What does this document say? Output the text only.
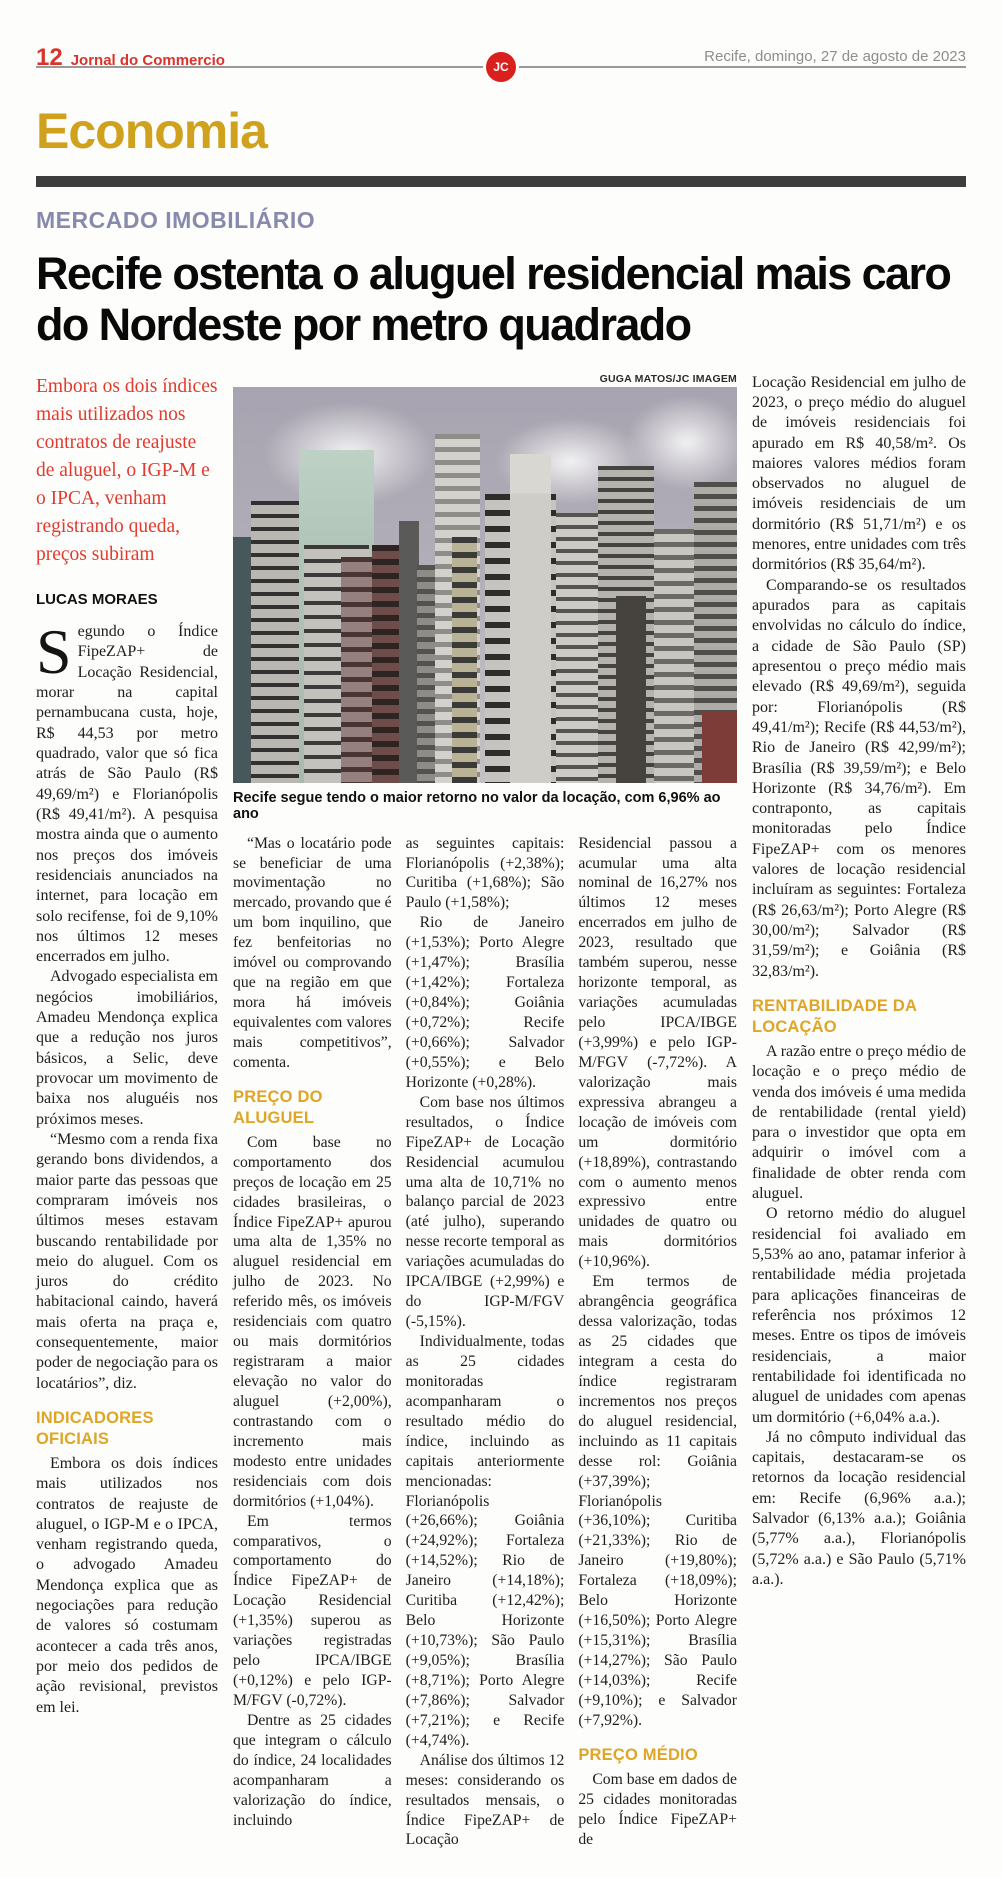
12 Jornal do Commercio	JC
Recife, domingo, 27 de agosto de 2023
Economia
MERCADO IMOBILIÁRIO
Recife ostenta o aluguel residencial mais caro do Nordeste por metro quadrado

Embora os dois índices mais utilizados nos contratos de reajuste de aluguel, o IGP-M e o IPCA, venham registrando queda, preços subiram

LUCAS MORAES

Segundo o Índice FipeZAP+ de Locação Residencial, morar na capital pernambucana custa, hoje, R$ 44,53 por metro quadrado, valor que só fica atrás de São Paulo (R$ 49,69/m²) e Florianópolis (R$ 49,41/m²). A pesquisa mostra ainda que o aumento nos preços dos imóveis residenciais anunciados na internet, para locação em solo recifense, foi de 9,10% nos últimos 12 meses encerrados em julho.

Advogado especialista em negócios imobiliários, Amadeu Mendonça explica que a redução nos juros básicos, a Selic, deve provocar um movimento de baixa nos aluguéis nos próximos meses.

“Mesmo com a renda fixa gerando bons dividendos, a maior parte das pessoas que compraram imóveis nos últimos meses estavam buscando rentabilidade por meio do aluguel. Com os juros do crédito habitacional caindo, haverá mais oferta na praça e, consequentemente, maior poder de negociação para os locatários”, diz.

INDICADORES OFICIAIS

Embora os dois índices mais utilizados nos contratos de reajuste de aluguel, o IGP-M e o IPCA, venham registrando queda, o advogado Amadeu Mendonça explica que as negociações para redução de valores só costumam acontecer a cada três anos, por meio dos pedidos de ação revisional, previstos em lei.

GUGA MATOS/JC IMAGEM
Recife segue tendo o maior retorno no valor da locação, com 6,96% ao ano

“Mas o locatário pode se beneficiar de uma movimentação no mercado, provando que é um bom inquilino, que fez benfeitorias no imóvel ou comprovando que na região em que mora há imóveis equivalentes com valores mais competitivos”, comenta.

PREÇO DO ALUGUEL

Com base no comportamento dos preços de locação em 25 cidades brasileiras, o Índice FipeZAP+ apurou uma alta de 1,35% no aluguel residencial em julho de 2023. No referido mês, os imóveis residenciais com quatro ou mais dormitórios registraram a maior elevação no valor do aluguel (+2,00%), contrastando com o incremento mais modesto entre unidades residenciais com dois dormitórios (+1,04%).

Em termos comparativos, o comportamento do Índice FipeZAP+ de Locação Residencial (+1,35%) superou as variações registradas pelo IPCA/IBGE (+0,12%) e pelo IGP-M/FGV (-0,72%).

Dentre as 25 cidades que integram o cálculo do índice, 24 localidades acompanharam a valorização do índice, incluindo

as seguintes capitais: Florianópolis (+2,38%); Curitiba (+1,68%); São Paulo (+1,58%);

Rio de Janeiro (+1,53%); Porto Alegre (+1,47%); Brasília (+1,42%); Fortaleza (+0,84%); Goiânia (+0,72%); Recife (+0,66%); Salvador (+0,55%); e Belo Horizonte (+0,28%).

Com base nos últimos resultados, o Índice FipeZAP+ de Locação Residencial acumulou uma alta de 10,71% no balanço parcial de 2023 (até julho), superando nesse recorte temporal as variações acumuladas do IPCA/IBGE (+2,99%) e do IGP-M/FGV (-5,15%).

Individualmente, todas as 25 cidades monitoradas acompanharam o resultado médio do índice, incluindo as capitais anteriormente mencionadas: Florianópolis (+26,66%); Goiânia (+24,92%); Fortaleza (+14,52%); Rio de Janeiro (+14,18%); Curitiba (+12,42%); Belo Horizonte (+10,73%); São Paulo (+9,05%); Brasília (+8,71%); Porto Alegre (+7,86%); Salvador (+7,21%); e Recife (+4,74%).

Análise dos últimos 12 meses: considerando os resultados mensais, o Índice FipeZAP+ de Locação

Residencial passou a acumular uma alta nominal de 16,27% nos últimos 12 meses encerrados em julho de 2023, resultado que também superou, nesse horizonte temporal, as variações acumuladas pelo IPCA/IBGE (+3,99%) e pelo IGP-M/FGV (-7,72%). A valorização mais expressiva abrangeu a locação de imóveis com um dormitório (+18,89%), contrastando com o aumento menos expressivo entre unidades de quatro ou mais dormitórios (+10,96%).

Em termos de abrangência geográfica dessa valorização, todas as 25 cidades que integram a cesta do índice registraram incrementos nos preços do aluguel residencial, incluindo as 11 capitais desse rol: Goiânia (+37,39%); Florianópolis (+36,10%); Curitiba (+21,33%); Rio de Janeiro (+19,80%); Fortaleza (+18,09%); Belo Horizonte (+16,50%); Porto Alegre (+15,31%); Brasília (+14,27%); São Paulo (+14,03%); Recife (+9,10%); e Salvador (+7,92%).

PREÇO MÉDIO

Com base em dados de 25 cidades monitoradas pelo Índice FipeZAP+ de

Locação Residencial em julho de 2023, o preço médio do aluguel de imóveis residenciais foi apurado em R$ 40,58/m². Os maiores valores médios foram observados no aluguel de imóveis residenciais de um dormitório (R$ 51,71/m²) e os menores, entre unidades com três dormitórios (R$ 35,64/m²).

Comparando-se os resultados apurados para as capitais envolvidas no cálculo do índice, a cidade de São Paulo (SP) apresentou o preço médio mais elevado (R$ 49,69/m²), seguida por: Florianópolis (R$ 49,41/m²); Recife (R$ 44,53/m²), Rio de Janeiro (R$ 42,99/m²); Brasília (R$ 39,59/m²); e Belo Horizonte (R$ 34,76/m²). Em contraponto, as capitais monitoradas pelo Índice FipeZAP+ com os menores valores de locação residencial incluíram as seguintes: Fortaleza (R$ 26,63/m²); Porto Alegre (R$ 30,00/m²); Salvador (R$ 31,59/m²); e Goiânia (R$ 32,83/m²).

RENTABILIDADE DA LOCAÇÃO

A razão entre o preço médio de locação e o preço médio de venda dos imóveis é uma medida de rentabilidade (rental yield) para o investidor que opta em adquirir o imóvel com a finalidade de obter renda com aluguel.

O retorno médio do aluguel residencial foi avaliado em 5,53% ao ano, patamar inferior à rentabilidade média projetada para aplicações financeiras de referência nos próximos 12 meses. Entre os tipos de imóveis residenciais, a maior rentabilidade foi identificada no aluguel de unidades com apenas um dormitório (+6,04% a.a.).

Já no cômputo individual das capitais, destacaram-se os retornos da locação residencial em: Recife (6,96% a.a.); Salvador (6,13% a.a.); Goiânia (5,77% a.a.), Florianópolis (5,72% a.a.) e São Paulo (5,71% a.a.).
